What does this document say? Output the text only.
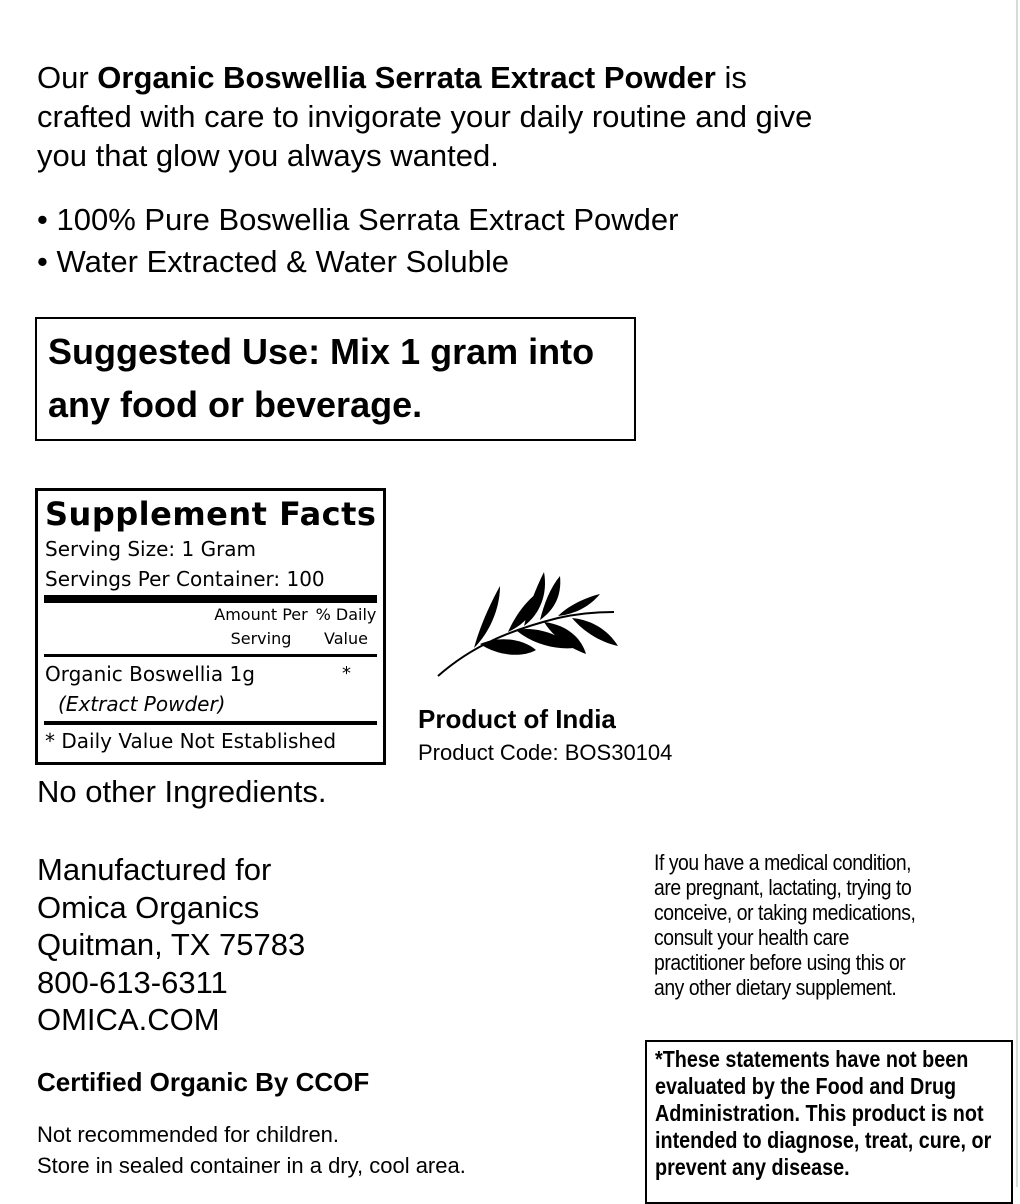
Our Organic Boswellia Serrata Extract Powder is crafted with care to invigorate your daily routine and give you that glow you always wanted.
• 100% Pure Boswellia Serrata Extract Powder
• Water Extracted & Water Soluble
Suggested Use: Mix 1 gram into any food or beverage.
Supplement Facts
Serving Size: 1 Gram
Servings Per Container: 100
Amount Per
Serving
% Daily
Value
Organic Boswellia 1g	*
(Extract Powder)
* Daily Value Not Established
No other Ingredients.
Manufactured for
Omica Organics
Quitman, TX 75783
800-613-6311
OMICA.COM
Certified Organic By CCOF
Not recommended for children.
Store in sealed container in a dry, cool area.
Product of India
Product Code: BOS30104
If you have a medical condition,
are pregnant, lactating, trying to
conceive, or taking medications,
consult your health care
practitioner before using this or
any other dietary supplement.
*These statements have not been
evaluated by the Food and Drug
Administration. This product is not
intended to diagnose, treat, cure, or
prevent any disease.
